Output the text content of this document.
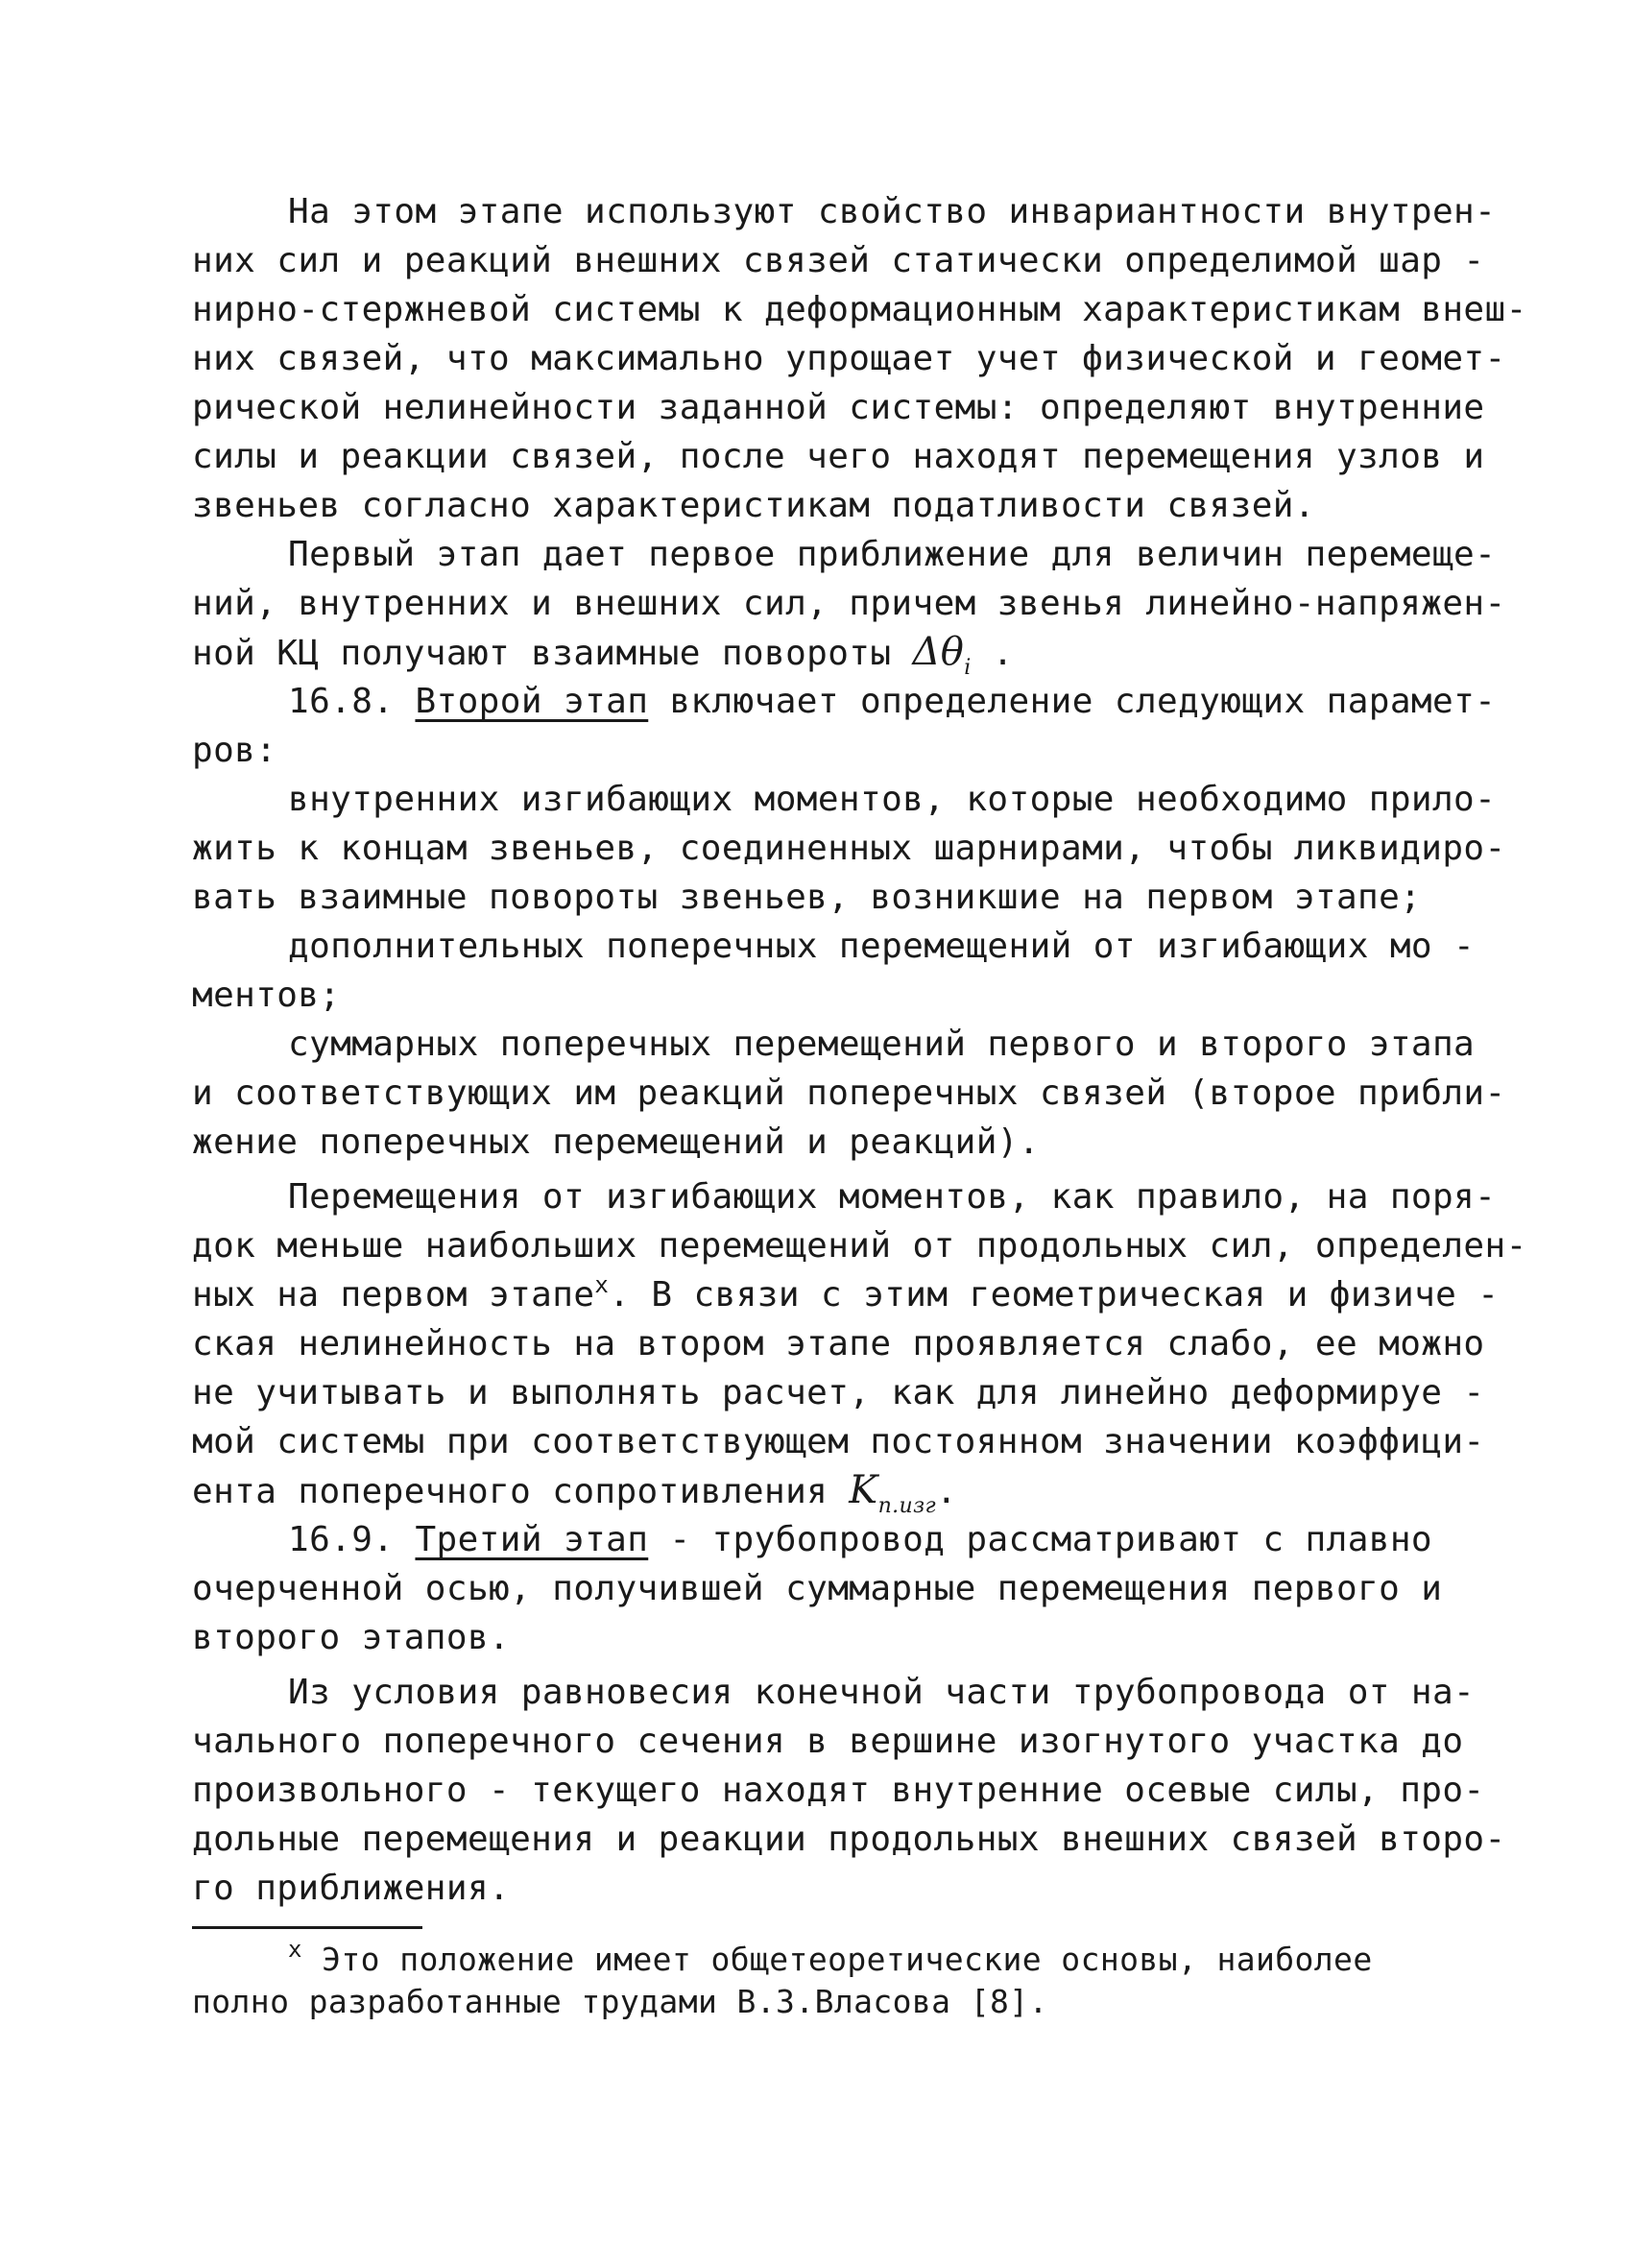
На этом этапе используют свойство инвариантности внутрен-
них сил и реакций внешних связей статически определимой шар -
нирно-стержневой системы к деформационным характеристикам внеш-
них связей, что максимально упрощает учет физической и геомет-
рической нелинейности заданной системы: определяют внутренние
силы и реакции связей, после чего находят перемещения узлов и
звеньев согласно характеристикам податливости связей.
Первый этап дает первое приближение для величин перемеще-
ний, внутренних и внешних сил, причем звенья линейно-напряжен-
ной КЦ получают взаимные повороты $\Delta\theta_i$ .
16.8. Второй этап включает определение следующих парамет-
ров:
внутренних изгибающих моментов, которые необходимо прило-
жить к концам звеньев, соединенных шарнирами, чтобы ликвидиро-
вать взаимные повороты звеньев, возникшие на первом этапе;
дополнительных поперечных перемещений от изгибающих мо -
ментов;
суммарных поперечных перемещений первого и второго этапа
и соответствующих им реакций поперечных связей (второе прибли-
жение поперечных перемещений и реакций).
Перемещения от изгибающих моментов, как правило, на поря-
док меньше наибольших перемещений от продольных сил, определен-
ных на первом этапе$^х$. В связи с этим геометрическая и физиче -
ская нелинейность на втором этапе проявляется слабо, ее можно
не учитывать и выполнять расчет, как для линейно деформируе -
мой системы при соответствующем постоянном значении коэффици-
ента поперечного сопротивления $K_{п.изг}$.
16.9. Третий этап - трубопровод рассматривают с плавно
очерченной осью, получившей суммарные перемещения первого и
второго этапов.
Из условия равновесия конечной части трубопровода от на-
чального поперечного сечения в вершине изогнутого участка до
произвольного - текущего находят внутренние осевые силы, про-
дольные перемещения и реакции продольных внешних связей второ-
го приближения.
$^х$ Это положение имеет общетеоретические основы, наиболее
полно разработанные трудами В.З.Власова [8].
